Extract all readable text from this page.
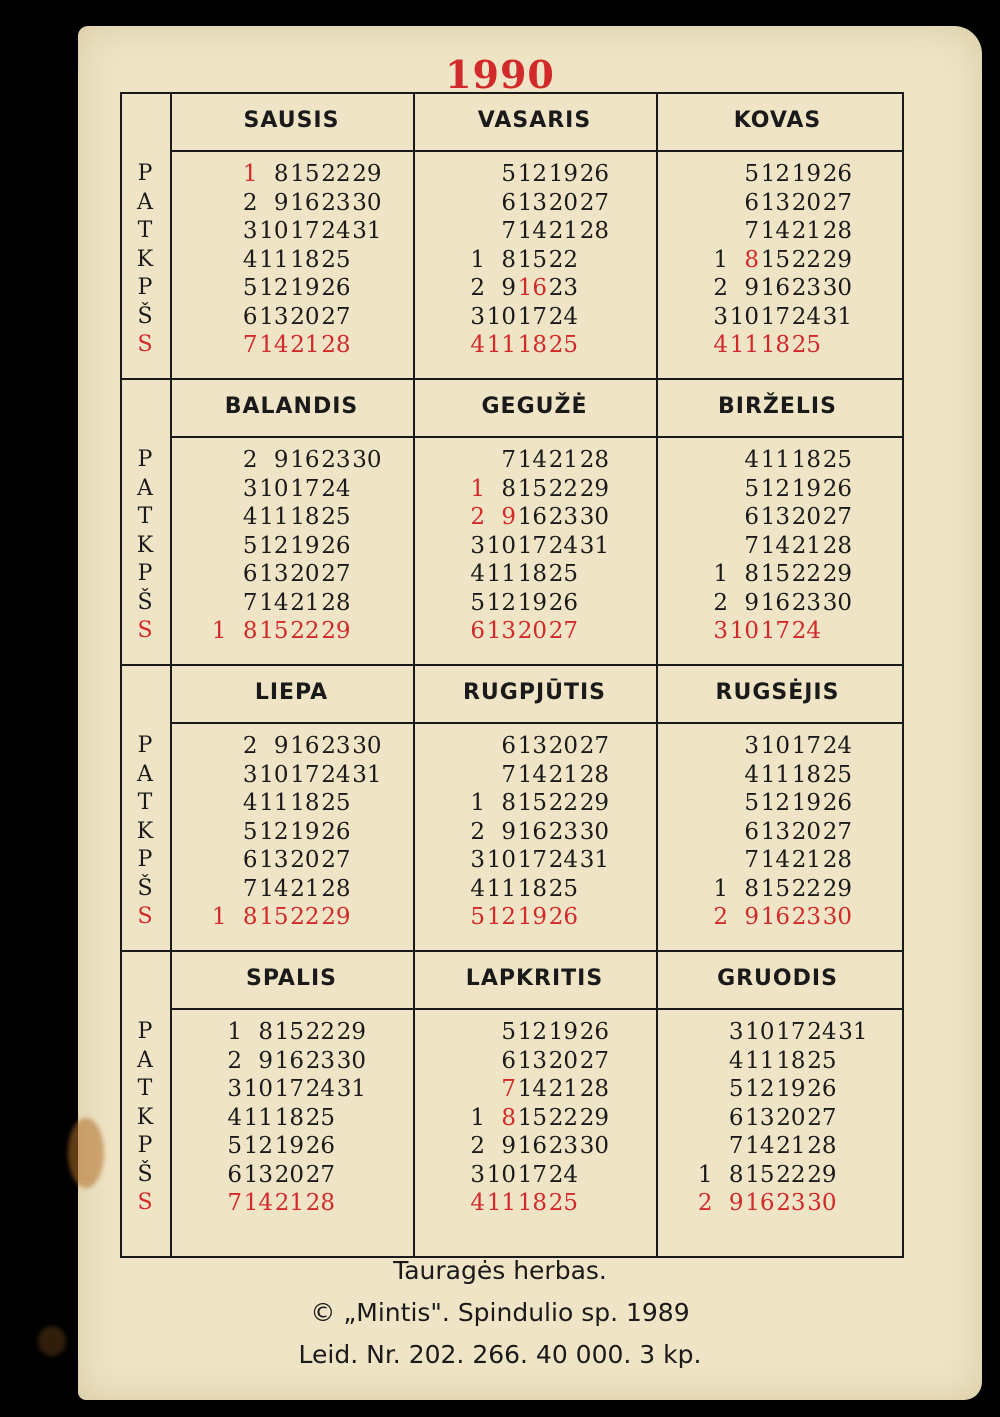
1990
SAUSIS
P
A
T
K
P
Š
S
1 8 15 22 29
2 9 16 23 30
3 10 17 24 31
4 11 18 25
5 12 19 26
6 13 20 27
7 14 21 28
VASARIS
5 12 19 26
6 13 20 27
7 14 21 28
1 8 15 22
2 9 16 23
3 10 17 24
4 11 18 25
KOVAS
5 12 19 26
6 13 20 27
7 14 21 28
1 8 15 22 29
2 9 16 23 30
3 10 17 24 31
4 11 18 25
BALANDIS
P
A
T
K
P
Š
S
2 9 16 23 30
3 10 17 24
4 11 18 25
5 12 19 26
6 13 20 27
7 14 21 28
1 8 15 22 29
GEGUŽĖ
7 14 21 28
1 8 15 22 29
2 9 16 23 30
3 10 17 24 31
4 11 18 25
5 12 19 26
6 13 20 27
BIRŽELIS
4 11 18 25
5 12 19 26
6 13 20 27
7 14 21 28
1 8 15 22 29
2 9 16 23 30
3 10 17 24
LIEPA
P
A
T
K
P
Š
S
2 9 16 23 30
3 10 17 24 31
4 11 18 25
5 12 19 26
6 13 20 27
7 14 21 28
1 8 15 22 29
RUGPJŪTIS
6 13 20 27
7 14 21 28
1 8 15 22 29
2 9 16 23 30
3 10 17 24 31
4 11 18 25
5 12 19 26
RUGSĖJIS
3 10 17 24
4 11 18 25
5 12 19 26
6 13 20 27
7 14 21 28
1 8 15 22 29
2 9 16 23 30
SPALIS
P
A
T
K
P
Š
S
1 8 15 22 29
2 9 16 23 30
3 10 17 24 31
4 11 18 25
5 12 19 26
6 13 20 27
7 14 21 28
LAPKRITIS
5 12 19 26
6 13 20 27
7 14 21 28
1 8 15 22 29
2 9 16 23 30
3 10 17 24
4 11 18 25
GRUODIS
3 10 17 24 31
4 11 18 25
5 12 19 26
6 13 20 27
7 14 21 28
1 8 15 22 29
2 9 16 23 30
Tauragės herbas.
© „Mintis". Spindulio sp. 1989
Leid. Nr. 202. 266. 40 000. 3 kp.
